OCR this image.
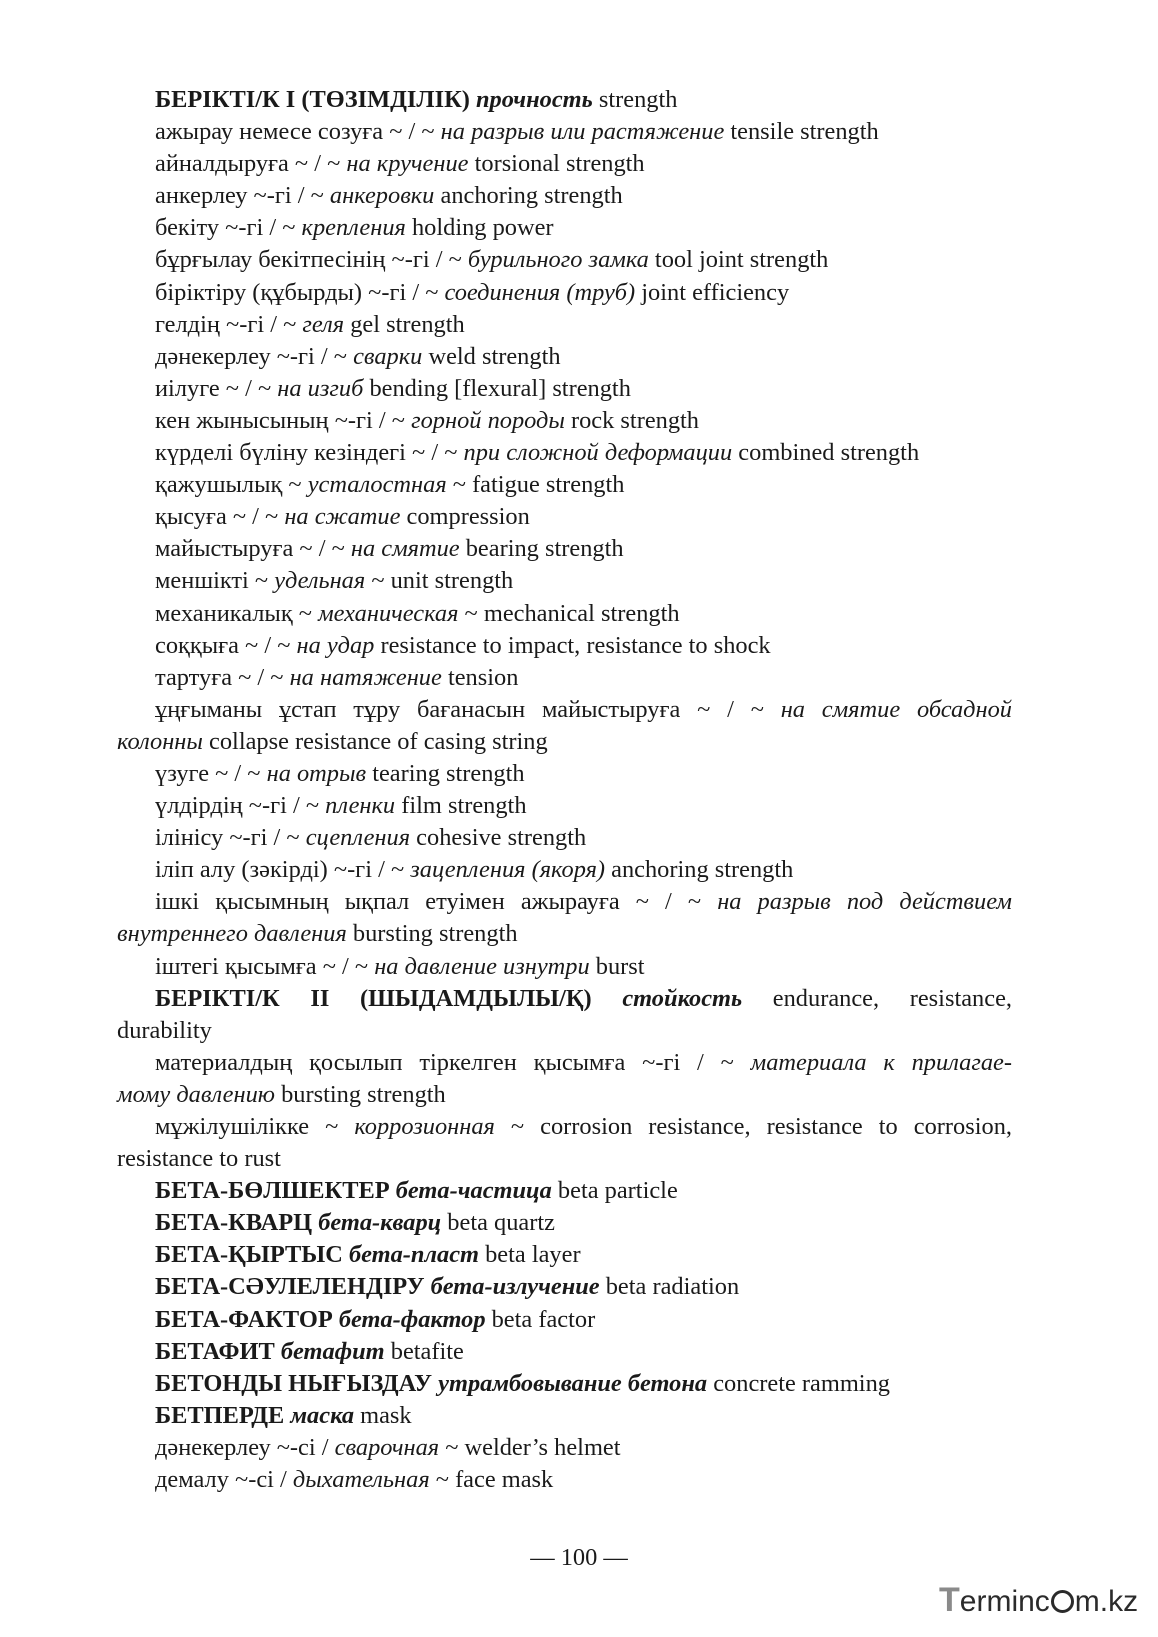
БЕРІКТІ/К І (ТӨЗІМДІЛІК) прочность strength
ажырау немесе созуға ~ / ~ на разрыв или растяжение tensile strength
айналдыруға ~ / ~ на кручение torsional strength
анкерлеу ~-гі / ~ анкеровки anchoring strength
бекіту ~-гі / ~ крепления holding power
бұрғылау бекітпесінің ~-гі / ~ бурильного замка tool joint strength
біріктіру (құбырды) ~-гі / ~ соединения (труб) joint efficiency
гелдің ~-гі / ~ геля gel strength
дәнекерлеу ~-гі / ~ сварки weld strength
иілуге ~ / ~ на изгиб bending [flexural] strength
кен жынысының ~-гі / ~ горной породы rock strength
күрделі бүліну кезіндегі ~ / ~ при сложной деформации combined strength
қажушылық ~ усталостная ~ fatigue strength
қысуға ~ / ~ на сжатие compression
майыстыруға ~ / ~ на смятие bearing strength
меншікті ~ удельная ~ unit strength
механикалық ~ механическая ~ mechanical strength
соққыға ~ / ~ на удар resistance to impact, resistance to shock
тартуға ~ / ~ на натяжение tension
ұңғыманы ұстап тұру бағанасын майыстыруға ~ / ~ на смятие обсадной
колонны collapse resistance of casing string
үзуге ~ / ~ на отрыв tearing strength
үлдірдің ~-гі / ~ пленки film strength
ілінісу ~-гі / ~ сцепления cohesive strength
іліп алу (зәкірді) ~-гі / ~ зацепления (якоря) anchoring strength
ішкі қысымның ықпал етуімен ажырауға ~ / ~ на разрыв под действием
внутреннего давления bursting strength
іштегі қысымға ~ / ~ на давление изнутри burst
БЕРІКТІ/К ІІ (ШЫДАМДЫЛЫ/Қ) стойкость endurance, resistance,
durability
материалдың қосылып тіркелген қысымға ~-гі / ~ материала к прилагае-
мому давлению bursting strength
мұжілушілікке ~ коррозионная ~ corrosion resistance, resistance to corrosion,
resistance to rust
БЕТА-БӨЛШЕКТЕР бета-частица beta particle
БЕТА-КВАРЦ бета-кварц beta quartz
БЕТА-ҚЫРТЫС бета-пласт beta layer
БЕТА-СӘУЛЕЛЕНДІРУ бета-излучение beta radiation
БЕТА-ФАКТОР бета-фактор beta factor
БЕТАФИТ бетафит betafite
БЕТОНДЫ НЫҒЫЗДАУ утрамбовывание бетона concrete ramming
БЕТПЕРДЕ маска mask
дәнекерлеу ~-сі / сварочная ~ welder’s helmet
демалу ~-сі / дыхательная ~ face mask
— 100 —
Terminc m.kz
